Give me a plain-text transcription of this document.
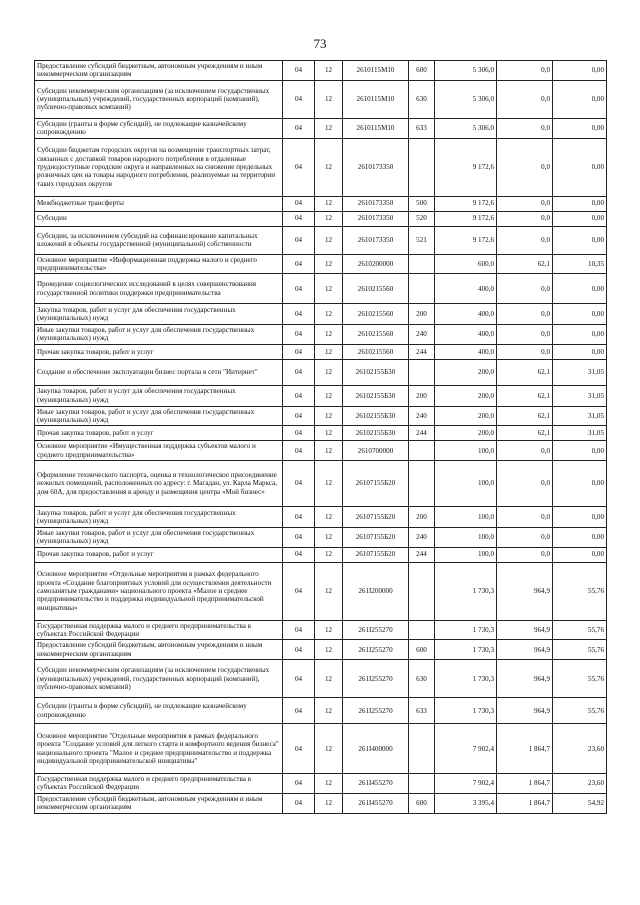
73
Предоставление субсидий бюджетным, автономным учреждениям и иным некоммерческим организациям	04	12	2610115М10	600	5 306,0	0,0	0,00
Субсидии некоммерческим организациям (за исключением государственных (муниципальных) учреждений, государственных корпораций (компаний), публично-правовых компаний)	04	12	2610115М10	630	5 306,0	0,0	0,00
Субсидии (гранты в форме субсидий), не подлежащие казначейскому сопровождению	04	12	2610115М10	633	5 306,0	0,0	0,00
Субсидии бюджетам городских округов на возмещение транспортных затрат, связанных с доставкой товаров народного потребления в отдаленные труднодоступные городские округа и направленных на снижение предельных розничных цен на товары народного потребления, реализуемые на территории таких городских округов	04	12	2610173350		9 172,6	0,0	0,00
Межбюджетные трансферты	04	12	2610173350	500	9 172,6	0,0	0,00
Субсидии	04	12	2610173350	520	9 172,6	0,0	0,00
Субсидии, за исключением субсидий на софинансирование капитальных вложений в объекты государственной (муниципальной) собственности	04	12	2610173350	521	9 172,6	0,0	0,00
Основное мероприятие «Информационная поддержка малого и среднего предпринимательства»	04	12	2610200000		600,0	62,1	10,35
Проведение социологических исследований в целях совершенствования государственной политики поддержки предпринимательства	04	12	2610215560		400,0	0,0	0,00
Закупка товаров, работ и услуг для обеспечения государственных (муниципальных) нужд	04	12	2610215560	200	400,0	0,0	0,00
Иные закупки товаров, работ и услуг для обеспечения государственных (муниципальных) нужд	04	12	2610215560	240	400,0	0,0	0,00
Прочая закупка товаров, работ и услуг	04	12	2610215560	244	400,0	0,0	0,00
Создание и обеспечение эксплуатации бизнес портала в сети "Интернет"	04	12	26102155Б30		200,0	62,1	31,05
Закупка товаров, работ и услуг для обеспечения государственных (муниципальных) нужд	04	12	26102155Б30	200	200,0	62,1	31,05
Иные закупки товаров, работ и услуг для обеспечения государственных (муниципальных) нужд	04	12	26102155Б30	240	200,0	62,1	31,05
Прочая закупка товаров, работ и услуг	04	12	26102155Б30	244	200,0	62,1	31,05
Основное мероприятие «Имущественная поддержка субъектов малого и среднего предпринимательства»	04	12	2610700000		100,0	0,0	0,00
Оформление технического паспорта, оценка и технологическое присоединение нежилых помещений, расположенных по адресу: г. Магадан, ул. Карла Маркса, дом 60А, для предоставления в аренду и размещения центра «Мой бизнес»	04	12	26107155Б20		100,0	0,0	0,00
Закупка товаров, работ и услуг для обеспечения государственных (муниципальных) нужд	04	12	26107155Б20	200	100,0	0,0	0,00
Иные закупки товаров, работ и услуг для обеспечения государственных (муниципальных) нужд	04	12	26107155Б20	240	100,0	0,0	0,00
Прочая закупка товаров, работ и услуг	04	12	26107155Б20	244	100,0	0,0	0,00
Основное мероприятие «Отдельные мероприятия в рамках федерального проекта «Создание благоприятных условий для осуществления деятельности самозанятым гражданами» национального проекта «Малое и среднее предпринимательство и поддержка индивидуальной предпринимательской инициативы»	04	12	261I200000		1 730,3	964,9	55,76
Государственная поддержка малого и среднего предпринимательства в субъектах Российской Федерации	04	12	261I255270		1 730,3	964,9	55,76
Предоставление субсидий бюджетным, автономным учреждениям и иным некоммерческим организациям	04	12	261I255270	600	1 730,3	964,9	55,76
Субсидии некоммерческим организациям (за исключением государственных (муниципальных) учреждений, государственных корпораций (компаний), публично-правовых компаний)	04	12	261I255270	630	1 730,3	964,9	55,76
Субсидии (гранты в форме субсидий), не подлежащие казначейскому сопровождению	04	12	261I255270	633	1 730,3	964,9	55,76
Основное мероприятие "Отдельные мероприятия в рамках федерального проекта "Создание условий для легкого старта и комфортного ведения бизнеса" национального проекта "Малое и среднее предпринимательство и поддержка индивидуальной предпринимательской инициативы"	04	12	261I400000		7 902,4	1 864,7	23,60
Государственная поддержка малого и среднего предпринимательства в субъектах Российской Федерации	04	12	261I455270		7 902,4	1 864,7	23,60
Предоставление субсидий бюджетным, автономным учреждениям и иным некоммерческим организациям	04	12	261I455270	600	3 395,4	1 864,7	54,92
